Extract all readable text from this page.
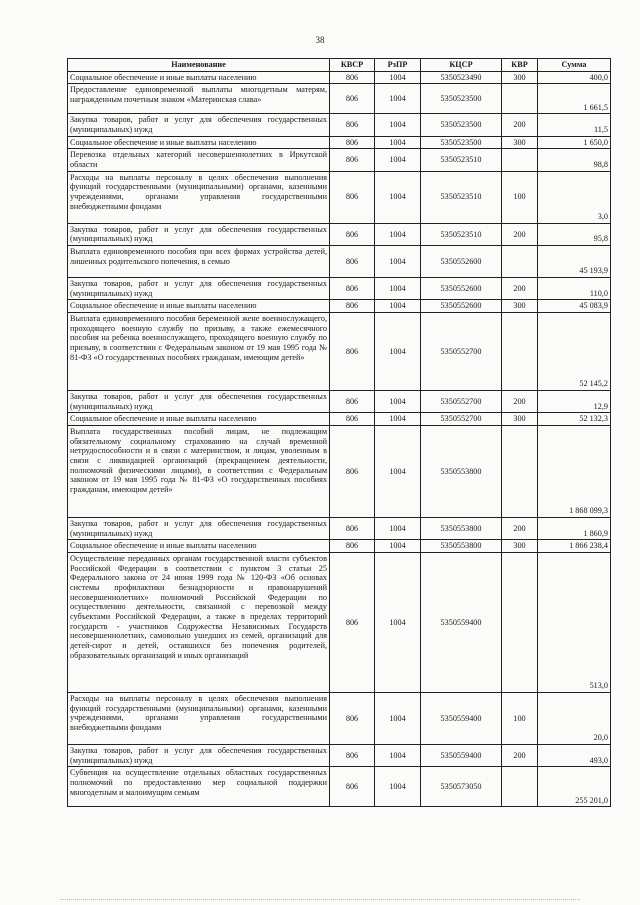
38
Наименование	КВСР	РзПР	КЦСР	КВР	Сумма
Социальное обеспечение и иные выплаты населению	806	1004	5350523490	300	400,0
Предоставление единовременной выплаты многодетным матерям, награжденным почетным знаком «Материнская слава»	806	1004	5350523500		1 661,5
Закупка товаров, работ и услуг для обеспечения государственных (муниципальных) нужд	806	1004	5350523500	200	11,5
Социальное обеспечение и иные выплаты населению	806	1004	5350523500	300	1 650,0
Перевозка отдельных категорий несовершеннолетних в Иркутской области	806	1004	5350523510		98,8
Расходы на выплаты персоналу в целях обеспечения выполнения функций государственными (муниципальными) органами, казенными учреждениями, органами управления государственными внебюджетными фондами	806	1004	5350523510	100	3,0
Закупка товаров, работ и услуг для обеспечения государственных (муниципальных) нужд	806	1004	5350523510	200	95,8
Выплата единовременного пособия при всех формах устройства детей, лишенных родительского попечения, в семью	806	1004	5350552600		45 193,9
Закупка товаров, работ и услуг для обеспечения государственных (муниципальных) нужд	806	1004	5350552600	200	110,0
Социальное обеспечение и иные выплаты населению	806	1004	5350552600	300	45 083,9
Выплата единовременного пособия беременной жене военнослужащего, проходящего военную службу по призыву, а также ежемесячного пособия на ребенка военнослужащего, проходящего военную службу по призыву, в соответствии с Федеральным законом от 19 мая 1995 года № 81-ФЗ «О государственных пособиях гражданам, имеющим детей»	806	1004	5350552700		52 145,2
Закупка товаров, работ и услуг для обеспечения государственных (муниципальных) нужд	806	1004	5350552700	200	12,9
Социальное обеспечение и иные выплаты населению	806	1004	5350552700	300	52 132,3
Выплата государственных пособий лицам, не подлежащим обязательному социальному страхованию на случай временной нетрудоспособности и в связи с материнством, и лицам, уволенным в связи с ликвидацией организаций (прекращением деятельности, полномочий физическими лицами), в соответствии с Федеральным законом от 19 мая 1995 года № 81-ФЗ «О государственных пособиях гражданам, имеющим детей»	806	1004	5350553800		1 868 099,3
Закупка товаров, работ и услуг для обеспечения государственных (муниципальных) нужд	806	1004	5350553800	200	1 860,9
Социальное обеспечение и иные выплаты населению	806	1004	5350553800	300	1 866 238,4
Осуществление переданных органам государственной власти субъектов Российской Федерации в соответствии с пунктом 3 статьи 25 Федерального закона от 24 июня 1999 года № 120-ФЗ «Об основах системы профилактики безнадзорности и правонарушений несовершеннолетних» полномочий Российской Федерации по осуществлению деятельности, связанной с перевозкой между субъектами Российской Федерации, а также в пределах территорий государств - участников Содружества Независимых Государств несовершеннолетних, самовольно ушедших из семей, организаций для детей-сирот и детей, оставшихся без попечения родителей, образовательных организаций и иных организаций	806	1004	5350559400		513,0
Расходы на выплаты персоналу в целях обеспечения выполнения функций государственными (муниципальными) органами, казенными учреждениями, органами управления государственными внебюджетными фондами	806	1004	5350559400	100	20,0
Закупка товаров, работ и услуг для обеспечения государственных (муниципальных) нужд	806	1004	5350559400	200	493,0
Субвенция на осуществление отдельных областных государственных полномочий по предоставлению мер социальной поддержки многодетным и малоимущим семьям	806	1004	5350573050		255 201,0
